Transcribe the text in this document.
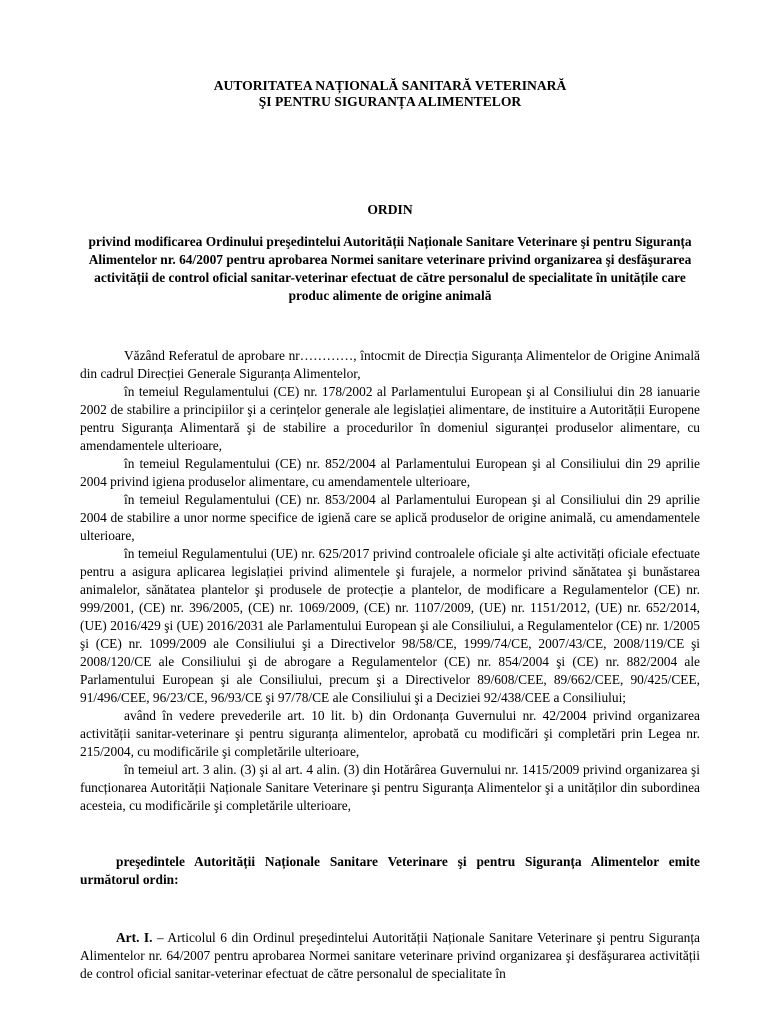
AUTORITATEA NAȚIONALĂ SANITARĂ VETERINARĂ
ŞI PENTRU SIGURANȚA ALIMENTELOR
ORDIN
privind modificarea Ordinului preşedintelui Autorității Naționale Sanitare Veterinare şi pentru Siguranța Alimentelor nr. 64/2007 pentru aprobarea Normei sanitare veterinare privind organizarea şi desfăşurarea activității de control oficial sanitar-veterinar efectuat de către personalul de specialitate în unitățile care produc alimente de origine animală

Văzând Referatul de aprobare nr…………, întocmit de Direcția Siguranța Alimentelor de Origine Animală din cadrul Direcției Generale Siguranța Alimentelor,

în temeiul Regulamentului (CE) nr. 178/2002 al Parlamentului European şi al Consiliului din 28 ianuarie 2002 de stabilire a principiilor şi a cerințelor generale ale legislației alimentare, de instituire a Autorității Europene pentru Siguranța Alimentară şi de stabilire a procedurilor în domeniul siguranței produselor alimentare, cu amendamentele ulterioare,

în temeiul Regulamentului (CE) nr. 852/2004 al Parlamentului European şi al Consiliului din 29 aprilie 2004 privind igiena produselor alimentare, cu amendamentele ulterioare,

în temeiul Regulamentului (CE) nr. 853/2004 al Parlamentului European şi al Consiliului din 29 aprilie 2004 de stabilire a unor norme specifice de igienă care se aplică produselor de origine animală, cu amendamentele ulterioare,

în temeiul Regulamentului (UE) nr. 625/2017 privind controalele oficiale şi alte activități oficiale efectuate pentru a asigura aplicarea legislației privind alimentele şi furajele, a normelor privind sănătatea şi bunăstarea animalelor, sănătatea plantelor şi produsele de protecție a plantelor, de modificare a Regulamentelor (CE) nr. 999/2001, (CE) nr. 396/2005, (CE) nr. 1069/2009, (CE) nr. 1107/2009, (UE) nr. 1151/2012, (UE) nr. 652/2014, (UE) 2016/429 şi (UE) 2016/2031 ale Parlamentului European şi ale Consiliului, a Regulamentelor (CE) nr. 1/2005 şi (CE) nr. 1099/2009 ale Consiliului şi a Directivelor 98/58/CE, 1999/74/CE, 2007/43/CE, 2008/119/CE şi 2008/120/CE ale Consiliului şi de abrogare a Regulamentelor (CE) nr. 854/2004 şi (CE) nr. 882/2004 ale Parlamentului European şi ale Consiliului, precum şi a Directivelor 89/608/CEE, 89/662/CEE, 90/425/CEE, 91/496/CEE, 96/23/CE, 96/93/CE şi 97/78/CE ale Consiliului şi a Deciziei 92/438/CEE a Consiliului;

având în vedere prevederile art. 10 lit. b) din Ordonanța Guvernului nr. 42/2004 privind organizarea activității sanitar-veterinare şi pentru siguranța alimentelor, aprobată cu modificări şi completări prin Legea nr. 215/2004, cu modificările şi completările ulterioare,

în temeiul art. 3 alin. (3) şi al art. 4 alin. (3) din Hotărârea Guvernului nr. 1415/2009 privind organizarea şi funcționarea Autorității Naționale Sanitare Veterinare şi pentru Siguranța Alimentelor şi a unităților din subordinea acesteia, cu modificările şi completările ulterioare,

preşedintele Autorității Naționale Sanitare Veterinare şi pentru Siguranța Alimentelor emite următorul ordin:
Art. I. – Articolul 6 din Ordinul preşedintelui Autorității Naționale Sanitare Veterinare şi pentru Siguranța Alimentelor nr. 64/2007 pentru aprobarea Normei sanitare veterinare privind organizarea şi desfăşurarea activității de control oficial sanitar-veterinar efectuat de către personalul de specialitate în
